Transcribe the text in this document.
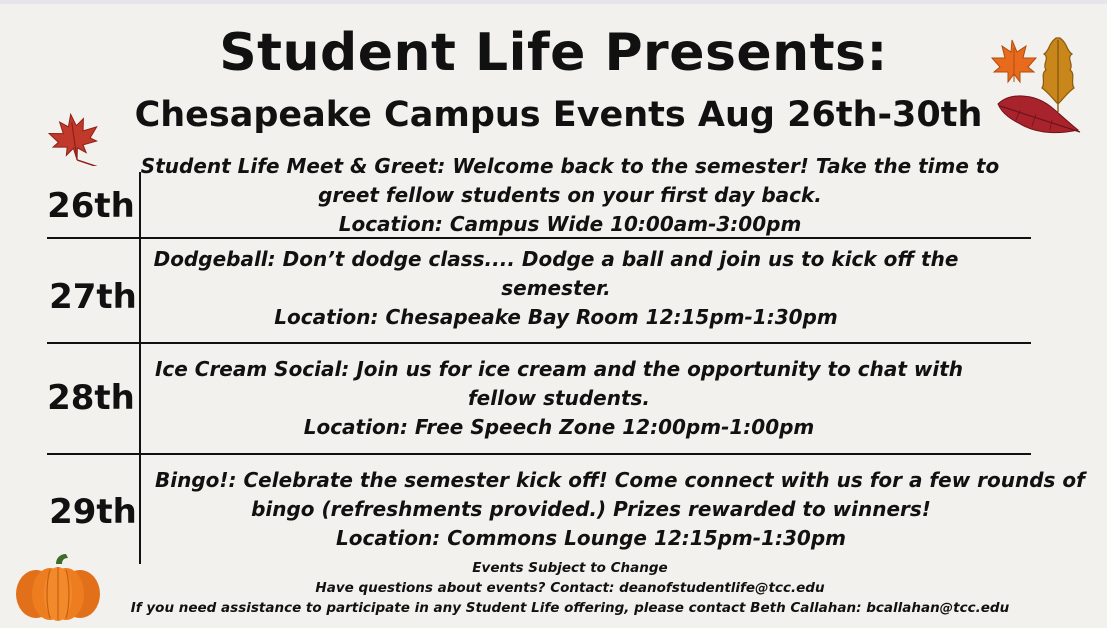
Student Life Presents:
Chesapeake Campus Events Aug 26th-30th
26th
Student Life Meet & Greet: Welcome back to the semester! Take the time to
greet fellow students on your first day back.
Location: Campus Wide 10:00am-3:00pm
27th
Dodgeball: Don’t dodge class.... Dodge a ball and join us to kick off the
semester.
Location: Chesapeake Bay Room 12:15pm-1:30pm
28th
Ice Cream Social: Join us for ice cream and the opportunity to chat with
fellow students.
Location: Free Speech Zone 12:00pm-1:00pm
29th
Bingo!: Celebrate the semester kick off! Come connect with us for a few rounds of
bingo (refreshments provided.) Prizes rewarded to winners!
Location: Commons Lounge 12:15pm-1:30pm
Events Subject to Change
Have questions about events? Contact: deanofstudentlife@tcc.edu
If you need assistance to participate in any Student Life offering, please contact Beth Callahan: bcallahan@tcc.edu
